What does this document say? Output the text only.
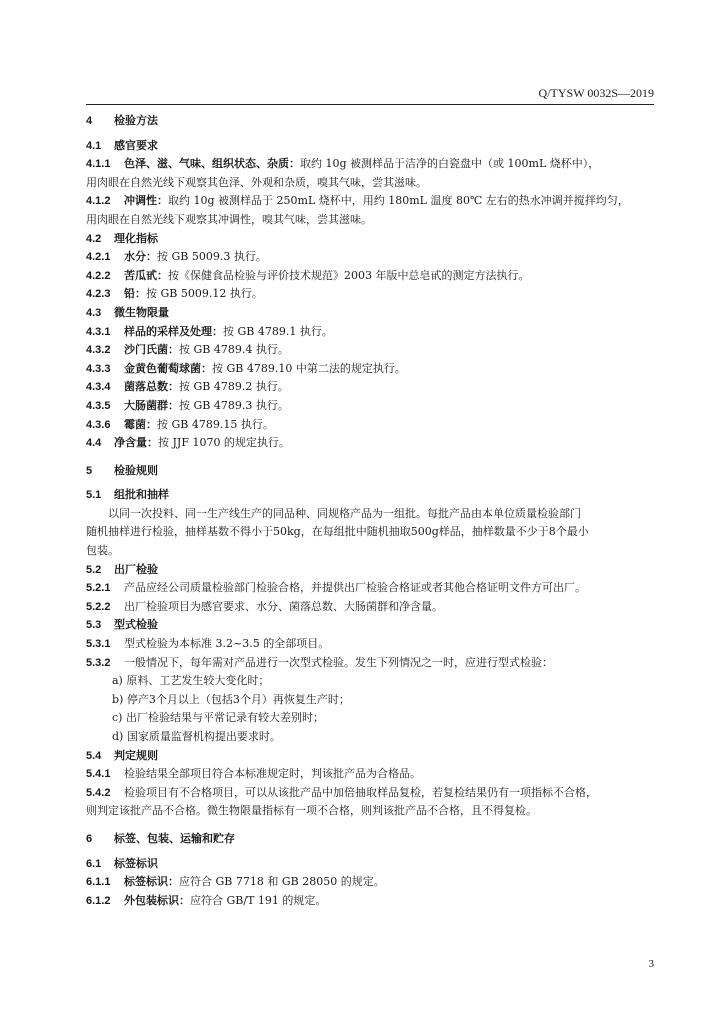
Q/TYSW 0032S—2019
4 检验方法
4.1 感官要求
4.1.1 色泽、滋、气味、组织状态、杂质：取约 10g 被测样品于洁净的白瓷盘中（或 100mL 烧杯中），
用肉眼在自然光线下观察其色泽、外观和杂质，嗅其气味，尝其滋味。
4.1.2 冲调性：取约 10g 被测样品于 250mL 烧杯中，用约 180mL 温度 80℃ 左右的热水冲调并搅拌均匀，
用肉眼在自然光线下观察其冲调性，嗅其气味，尝其滋味。
4.2 理化指标
4.2.1 水分：按 GB 5009.3 执行。
4.2.2 苦瓜甙：按《保健食品检验与评价技术规范》2003 年版中总皂甙的测定方法执行。
4.2.3 铅：按 GB 5009.12 执行。
4.3 微生物限量
4.3.1 样品的采样及处理：按 GB 4789.1 执行。
4.3.2 沙门氏菌：按 GB 4789.4 执行。
4.3.3 金黄色葡萄球菌：按 GB 4789.10 中第二法的规定执行。
4.3.4 菌落总数：按 GB 4789.2 执行。
4.3.5 大肠菌群：按 GB 4789.3 执行。
4.3.6 霉菌：按 GB 4789.15 执行。
4.4 净含量：按 JJF 1070 的规定执行。
5 检验规则
5.1 组批和抽样
以同一次投料、同一生产线生产的同品种、同规格产品为一组批。每批产品由本单位质量检验部门
随机抽样进行检验，抽样基数不得小于50kg，在每组批中随机抽取500g样品，抽样数量不少于8个最小
包装。
5.2 出厂检验
5.2.1 产品应经公司质量检验部门检验合格，并提供出厂检验合格证或者其他合格证明文件方可出厂。
5.2.2 出厂检验项目为感官要求、水分、菌落总数、大肠菌群和净含量。
5.3 型式检验
5.3.1 型式检验为本标准 3.2~3.5 的全部项目。
5.3.2 一般情况下，每年需对产品进行一次型式检验。发生下列情况之一时，应进行型式检验：
a) 原料、工艺发生较大变化时；
b) 停产3个月以上（包括3个月）再恢复生产时；
c) 出厂检验结果与平常记录有较大差别时；
d) 国家质量监督机构提出要求时。
5.4 判定规则
5.4.1 检验结果全部项目符合本标准规定时，判该批产品为合格品。
5.4.2 检验项目有不合格项目，可以从该批产品中加倍抽取样品复检，若复检结果仍有一项指标不合格，
则判定该批产品不合格。微生物限量指标有一项不合格，则判该批产品不合格，且不得复检。
6 标签、包装、运输和贮存
6.1 标签标识
6.1.1 标签标识：应符合 GB 7718 和 GB 28050 的规定。
6.1.2 外包装标识：应符合 GB/T 191 的规定。
3
